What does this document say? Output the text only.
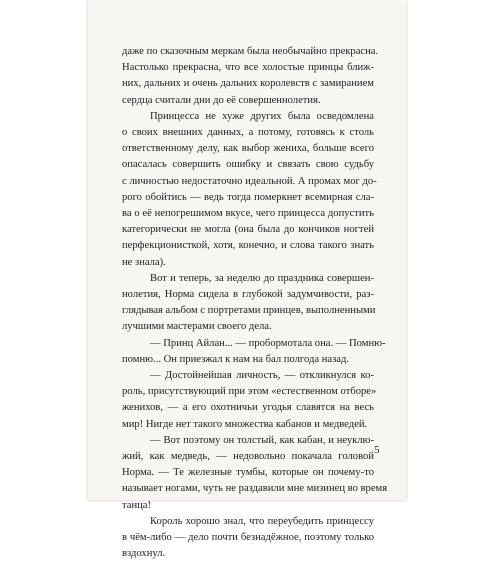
даже по сказочным меркам была необычайно прекрасна.
Настолько прекрасна, что все холостые принцы ближ-
них, дальних и очень дальних королевств с замиранием
сердца считали дни до её совершеннолетия.
Принцесса не хуже других была осведомлена
о своих внешних данных, а потому, готовясь к столь
ответственному делу, как выбор жениха, больше всего
опасалась совершить ошибку и связать свою судьбу
с личностью недостаточно идеальной. А промах мог до-
рого обойтись — ведь тогда померкнет всемирная сла-
ва о её непогрешимом вкусе, чего принцесса допустить
категорически не могла (она была до кончиков ногтей
перфекционисткой, хотя, конечно, и слова такого знать
не знала).
Вот и теперь, за неделю до праздника совершен-
нолетия, Норма сидела в глубокой задумчивости, раз-
глядывая альбом с портретами принцев, выполненными
лучшими мастерами своего дела.
— Принц Айлан... — пробормотала она. — Помню-
помню... Он приезжал к нам на бал полгода назад.
— Достойнейшая личность, — откликнулся ко-
роль, присутствующий при этом «естественном отборе»
женихов, — а его охотничьи угодья славятся на весь
мир! Нигде нет такого множества кабанов и медведей.
— Вот поэтому он толстый, как кабан, и неуклю-
жий, как медведь, — недовольно покачала головой
Норма. — Те железные тумбы, которые он почему-то
называет ногами, чуть не раздавили мне мизинец во время
танца!
Король хорошо знал, что переубедить принцессу
в чём-либо — дело почти безнадёжное, поэтому только
вздохнул.
5
